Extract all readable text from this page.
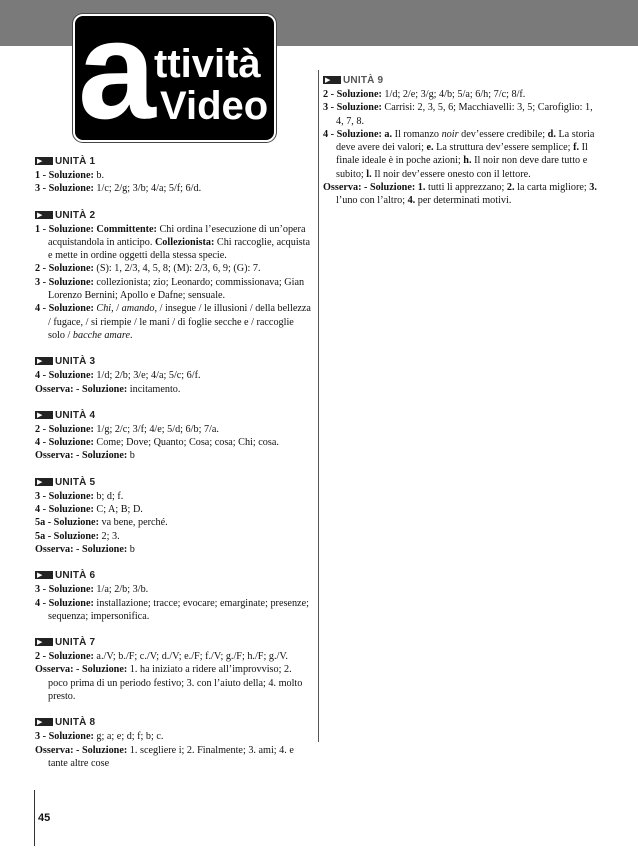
a ttività
Video
▶ UNITÀ 1
1 - Soluzione: b.
3 - Soluzione: 1/c; 2/g; 3/b; 4/a; 5/f; 6/d.
▶ UNITÀ 2
1 - Soluzione: Committente: Chi ordina l’esecuzione di un’opera acquistandola in anticipo. Collezionista: Chi raccoglie, acquista e mette in ordine oggetti della stessa specie.
2 - Soluzione: (S): 1, 2/3, 4, 5, 8; (M): 2/3, 6, 9; (G): 7.
3 - Soluzione: collezionista; zio; Leonardo; commissionava; Gian Lorenzo Bernini; Apollo e Dafne; sensuale.
4 - Soluzione: Chi, / amando, / insegue / le illusioni / della bellezza / fugace, / si riempie / le mani / di foglie secche e / raccoglie solo / bacche amare.
▶ UNITÀ 3
4 - Soluzione: 1/d; 2/b; 3/e; 4/a; 5/c; 6/f.
Osserva: - Soluzione: incitamento.
▶ UNITÀ 4
2 - Soluzione: 1/g; 2/c; 3/f; 4/e; 5/d; 6/b; 7/a.
4 - Soluzione: Come; Dove; Quanto; Cosa; cosa; Chi; cosa.
Osserva: - Soluzione: b
▶ UNITÀ 5
3 - Soluzione: b; d; f.
4 - Soluzione: C; A; B; D.
5a - Soluzione: va bene, perché.
5a - Soluzione: 2; 3.
Osserva: - Soluzione: b
▶ UNITÀ 6
3 - Soluzione: 1/a; 2/b; 3/b.
4 - Soluzione: installazione; tracce; evocare; emarginate; presenze; sequenza; impersonifica.
▶ UNITÀ 7
2 - Soluzione: a./V; b./F; c./V; d./V; e./F; f./V; g./F; h./F; g./V.
Osserva: - Soluzione: 1. ha iniziato a ridere all’improvviso; 2. poco prima di un periodo festivo; 3. con l’aiuto della; 4. molto presto.
▶ UNITÀ 8
3 - Soluzione: g; a; e; d; f; b; c.
Osserva: - Soluzione: 1. scegliere i; 2. Finalmente; 3. ami; 4. e tante altre cose
▶ UNITÀ 9
2 - Soluzione: 1/d; 2/e; 3/g; 4/b; 5/a; 6/h; 7/c; 8/f.
3 - Soluzione: Carrisi: 2, 3, 5, 6; Macchiavelli: 3, 5; Carofiglio: 1, 4, 7, 8.
4 - Soluzione: a. Il romanzo noir dev’essere credibile; d. La storia deve avere dei valori; e. La struttura dev’essere semplice; f. Il finale ideale è in poche azioni; h. Il noir non deve dare tutto e subito; l. Il noir dev’essere onesto con il lettore.
Osserva: - Soluzione: 1. tutti li apprezzano; 2. la carta migliore; 3. l’uno con l’altro; 4. per determinati motivi.
45
